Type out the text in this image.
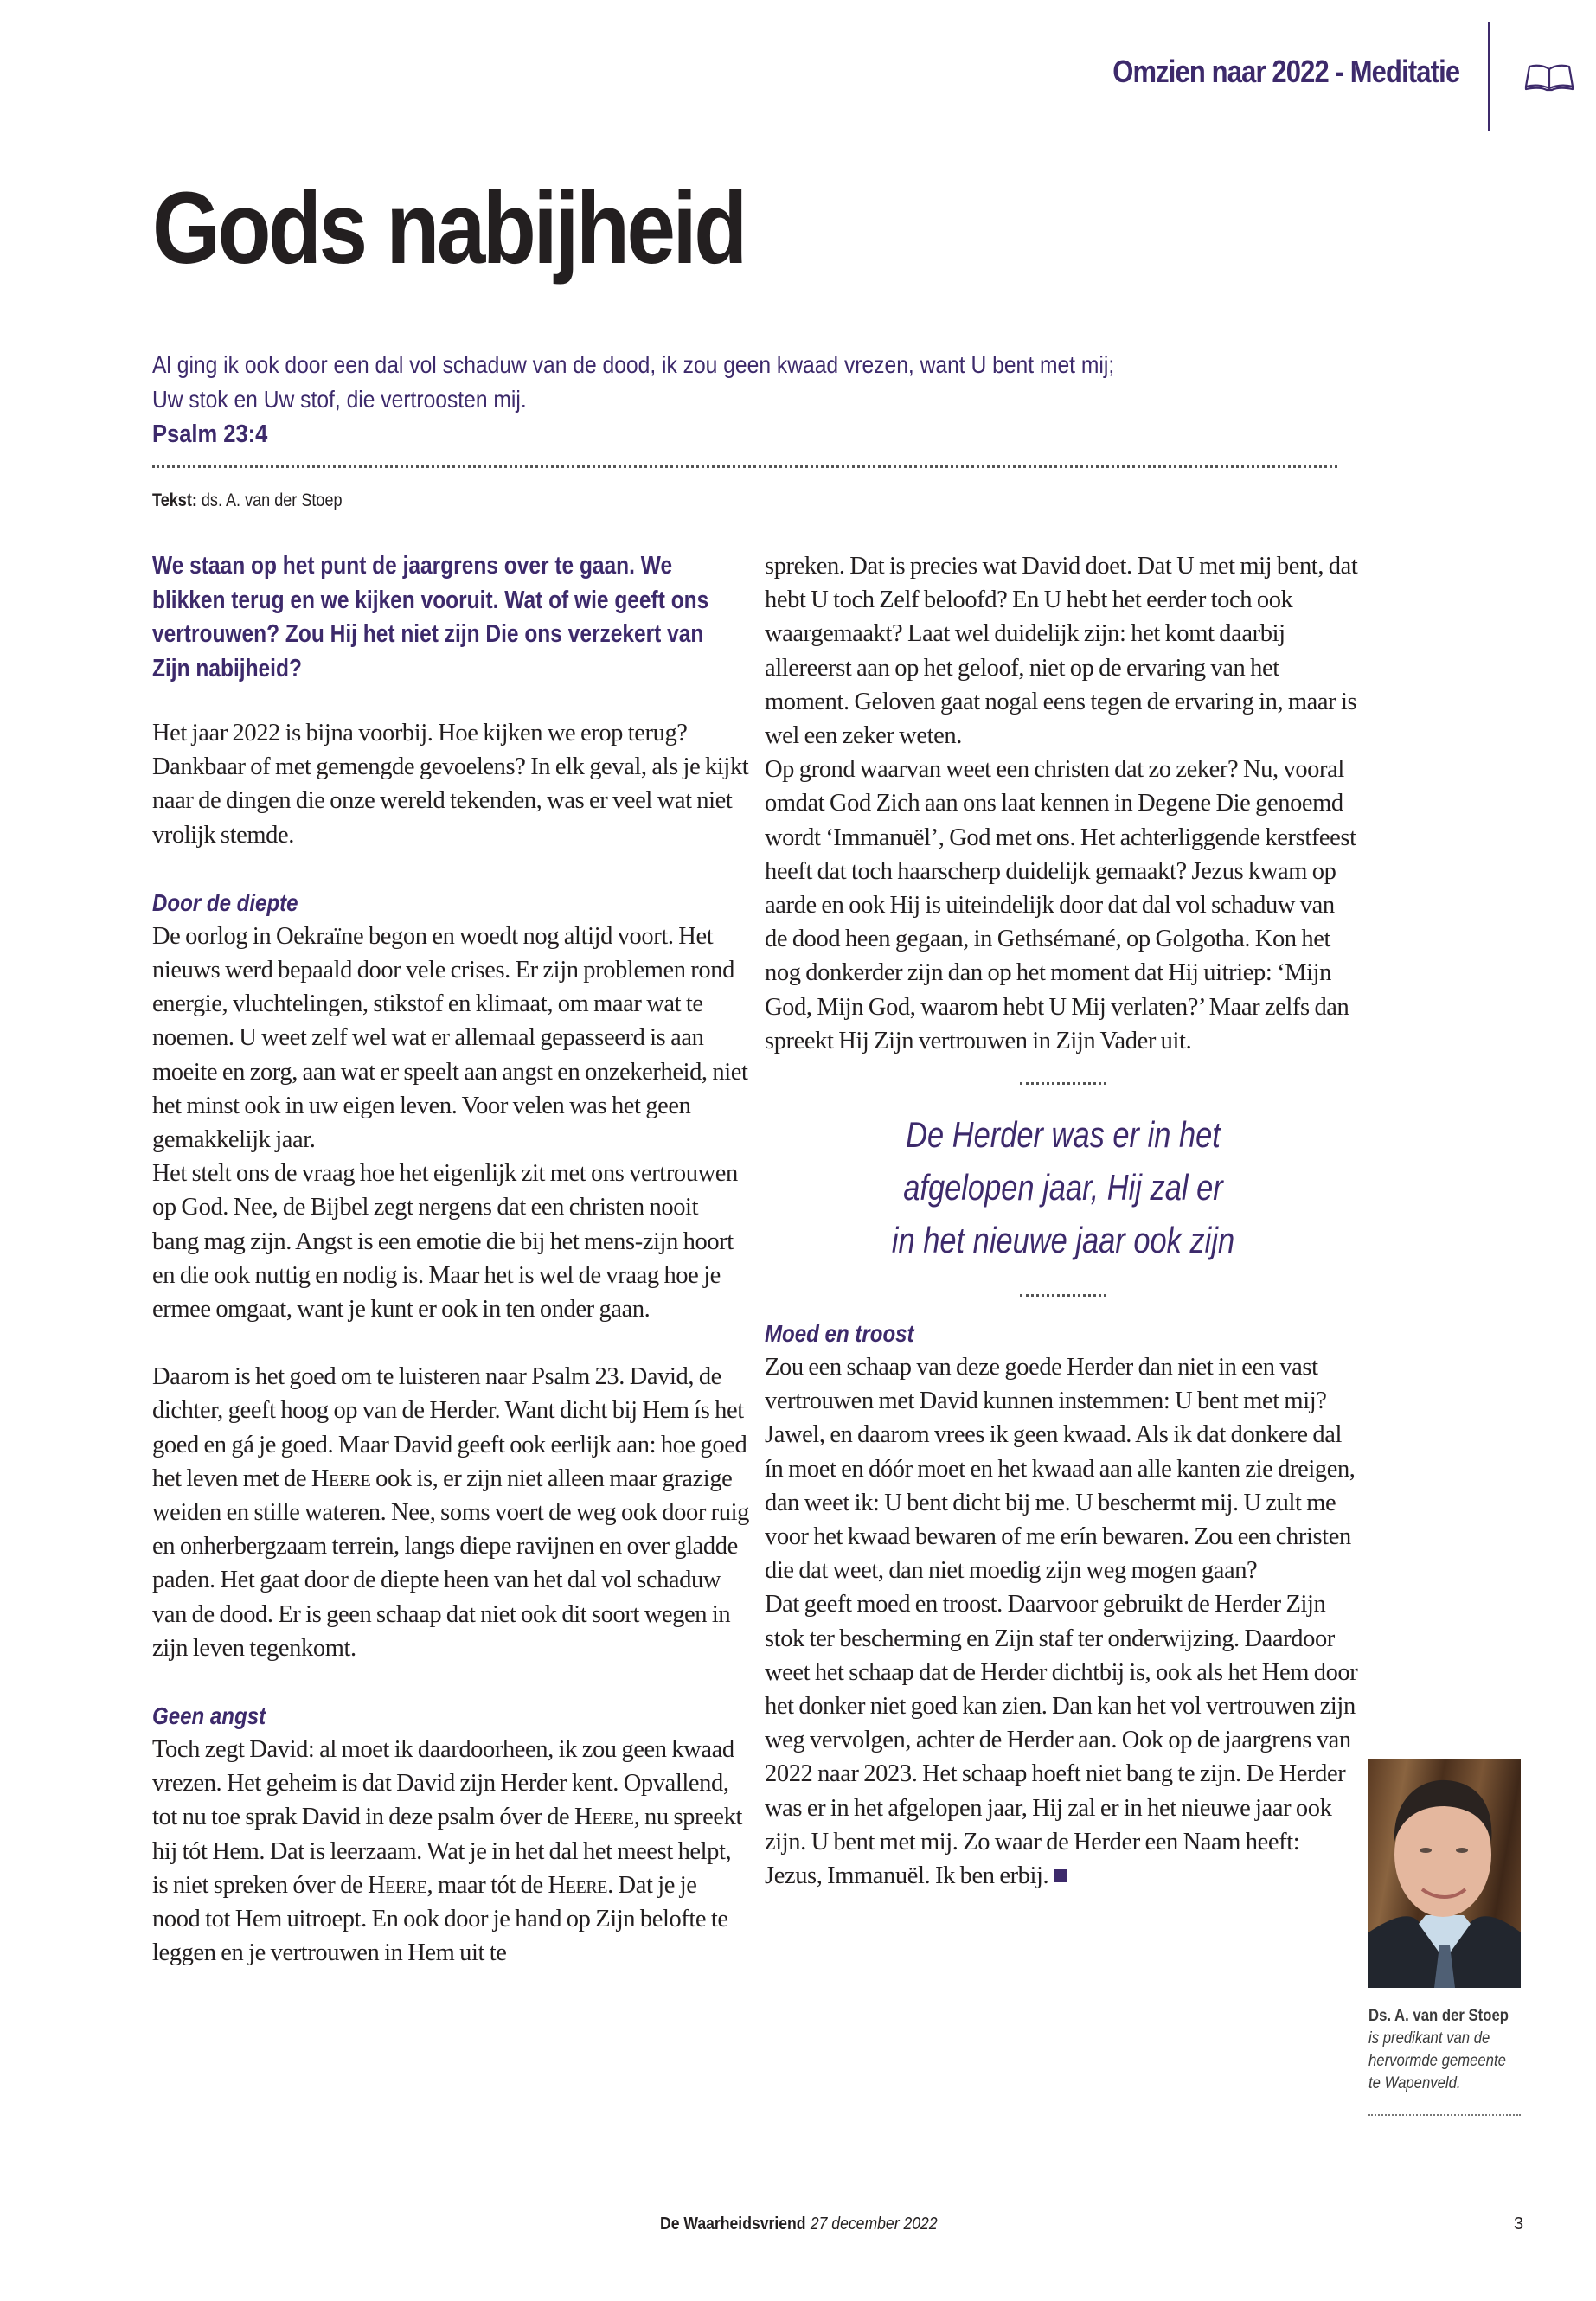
Omzien naar 2022 - Meditatie
Gods nabijheid
Al ging ik ook door een dal vol schaduw van de dood, ik zou geen kwaad vrezen, want U bent met mij;
Uw stok en Uw stof, die vertroosten mij.
Psalm 23:4
Tekst: ds. A. van der Stoep

We staan op het punt de jaargrens over te gaan. We blikken terug en we kijken vooruit. Wat of wie geeft ons vertrouwen? Zou Hij het niet zijn Die ons verzekert van Zijn nabijheid?

Het jaar 2022 is bijna voorbij. Hoe kijken we erop terug? Dankbaar of met gemengde gevoelens? In elk geval, als je kijkt naar de dingen die onze wereld tekenden, was er veel wat niet vrolijk stemde.

Door de diepte

De oorlog in Oekraïne begon en woedt nog altijd voort. Het nieuws werd bepaald door vele crises. Er zijn problemen rond energie, vluchtelingen, stikstof en klimaat, om maar wat te noemen. U weet zelf wel wat er allemaal gepasseerd is aan moeite en zorg, aan wat er speelt aan angst en onzekerheid, niet het minst ook in uw eigen leven. Voor velen was het geen gemakkelijk jaar.

Het stelt ons de vraag hoe het eigenlijk zit met ons vertrouwen op God. Nee, de Bijbel zegt nergens dat een christen nooit bang mag zijn. Angst is een emotie die bij het mens-zijn hoort en die ook nuttig en nodig is. Maar het is wel de vraag hoe je ermee omgaat, want je kunt er ook in ten onder gaan.

Daarom is het goed om te luisteren naar Psalm 23. David, de dichter, geeft hoog op van de Herder. Want dicht bij Hem ís het goed en gá je goed. Maar David geeft ook eerlijk aan: hoe goed het leven met de Heere ook is, er zijn niet alleen maar grazige weiden en stille wateren. Nee, soms voert de weg ook door ruig en onherbergzaam terrein, langs diepe ravijnen en over gladde paden. Het gaat door de diepte heen van het dal vol schaduw van de dood. Er is geen schaap dat niet ook dit soort wegen in zijn leven tegenkomt.

Geen angst

Toch zegt David: al moet ik daardoorheen, ik zou geen kwaad vrezen. Het geheim is dat David zijn Herder kent. Opvallend, tot nu toe sprak David in deze psalm óver de Heere, nu spreekt hij tót Hem. Dat is leerzaam. Wat je in het dal het meest helpt, is niet spreken óver de Heere, maar tót de Heere. Dat je je nood tot Hem uitroept. En ook door je hand op Zijn belofte te leggen en je vertrouwen in Hem uit te

spreken. Dat is precies wat David doet. Dat U met mij bent, dat hebt U toch Zelf beloofd? En U hebt het eerder toch ook waargemaakt? Laat wel duidelijk zijn: het komt daarbij allereerst aan op het geloof, niet op de ervaring van het moment. Geloven gaat nogal eens tegen de ervaring in, maar is wel een zeker weten.

Op grond waarvan weet een christen dat zo zeker? Nu, vooral omdat God Zich aan ons laat kennen in Degene Die genoemd wordt ‘Immanuël’, God met ons. Het achterliggende kerstfeest heeft dat toch haarscherp duidelijk gemaakt? Jezus kwam op aarde en ook Hij is uiteindelijk door dat dal vol schaduw van de dood heen gegaan, in Gethsémané, op Golgotha. Kon het nog donkerder zijn dan op het moment dat Hij uitriep: ‘Mijn God, Mijn God, waarom hebt U Mij verlaten?’ Maar zelfs dan spreekt Hij Zijn vertrouwen in Zijn Vader uit.

De Herder was er in het
afgelopen jaar, Hij zal er
in het nieuwe jaar ook zijn
Moed en troost

Zou een schaap van deze goede Herder dan niet in een vast vertrouwen met David kunnen instemmen: U bent met mij? Jawel, en daarom vrees ik geen kwaad. Als ik dat donkere dal ín moet en dóór moet en het kwaad aan alle kanten zie dreigen, dan weet ik: U bent dicht bij me. U beschermt mij. U zult me voor het kwaad bewaren of me erín bewaren. Zou een christen die dat weet, dan niet moedig zijn weg mogen gaan?

Dat geeft moed en troost. Daarvoor gebruikt de Herder Zijn stok ter bescherming en Zijn staf ter onderwijzing. Daardoor weet het schaap dat de Herder dichtbij is, ook als het Hem door het donker niet goed kan zien. Dan kan het vol vertrouwen zijn weg vervolgen, achter de Herder aan. Ook op de jaargrens van 2022 naar 2023. Het schaap hoeft niet bang te zijn. De Herder was er in het afgelopen jaar, Hij zal er in het nieuwe jaar ook zijn. U bent met mij. Zo waar de Herder een Naam heeft: Jezus, Immanuël. Ik ben erbij.

Ds. A. van der Stoep
is predikant van de hervormde gemeente te Wapenveld.
De Waarheidsvriend 27 december 2022	3
